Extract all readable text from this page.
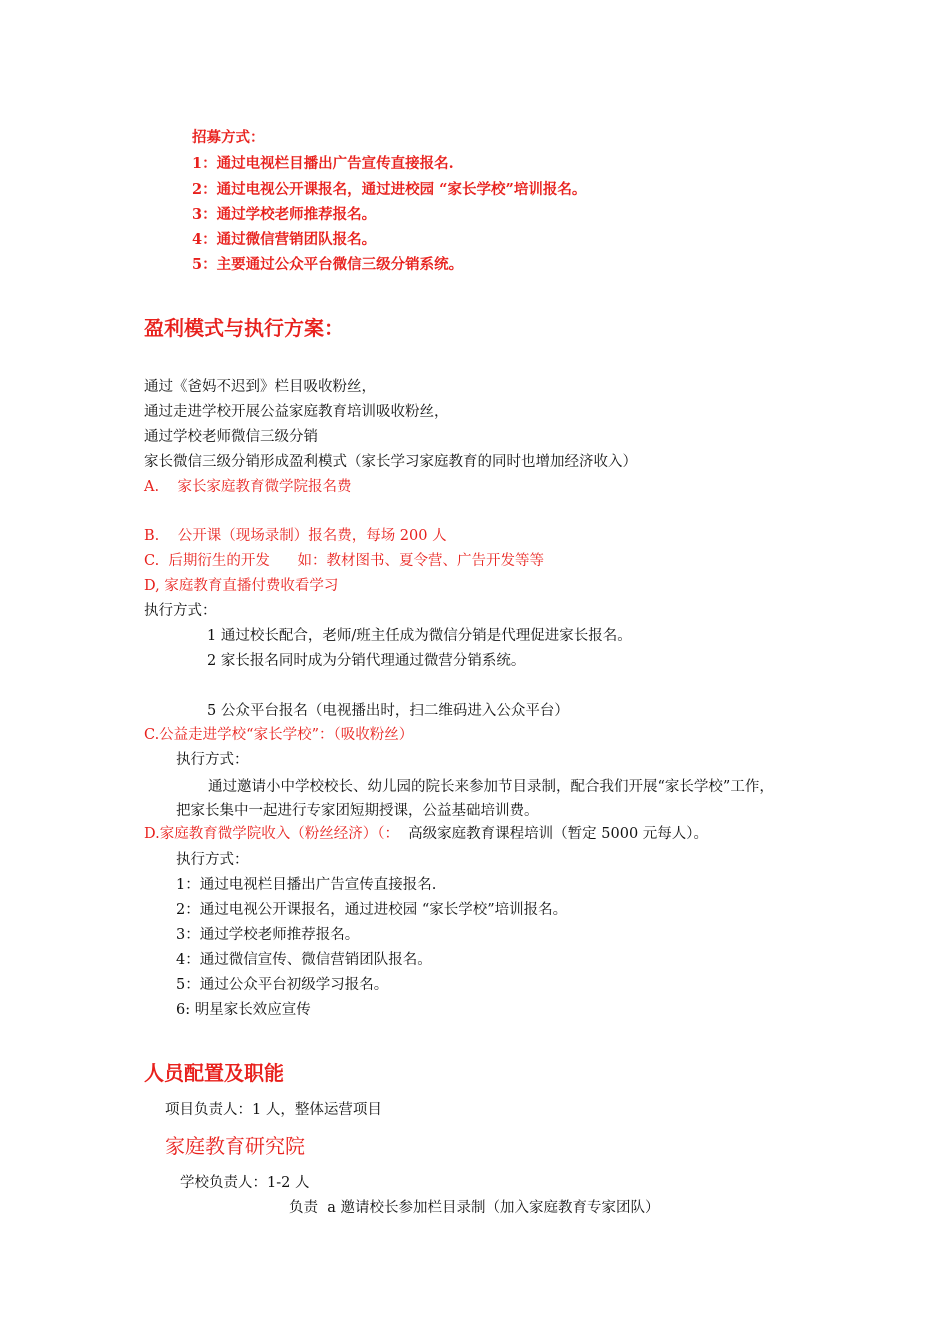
招募方式：
1：通过电视栏目播出广告宣传直接报名.
2：通过电视公开课报名，通过进校园 “家长学校”培训报名。
3：通过学校老师推荐报名。
4：通过微信营销团队报名。
5：主要通过公众平台微信三级分销系统。
盈利模式与执行方案：
通过《爸妈不迟到》栏目吸收粉丝，
通过走进学校开展公益家庭教育培训吸收粉丝，
通过学校老师微信三级分销
家长微信三级分销形成盈利模式（家长学习家庭教育的同时也增加经济收入）
A.    家长家庭教育微学院报名费
B.    公开课（现场录制）报名费，每场 200 人
C.  后期衍生的开发      如：教材图书、夏令营、广告开发等等
D, 家庭教育直播付费收看学习
执行方式：
1 通过校长配合，老师/班主任成为微信分销是代理促进家长报名。
2 家长报名同时成为分销代理通过微营分销系统。
5 公众平台报名（电视播出时，扫二维码进入公众平台）
C.公益走进学校“家长学校”：（吸收粉丝）
执行方式：
通过邀请小中学校校长、幼儿园的院长来参加节目录制，配合我们开展“家长学校”工作，把家长集中一起进行专家团短期授课，公益基础培训费。
D.家庭教育微学院收入（粉丝经济）（：  高级家庭教育课程培训（暂定 5000 元每人）。
执行方式：
1：通过电视栏目播出广告宣传直接报名.
2：通过电视公开课报名，通过进校园 “家长学校”培训报名。
3：通过学校老师推荐报名。
4：通过微信宣传、微信营销团队报名。
5：通过公众平台初级学习报名。
6: 明星家长效应宣传
人员配置及职能
项目负责人：1 人，整体运营项目
家庭教育研究院
学校负责人：1-2 人
负责  a 邀请校长参加栏目录制（加入家庭教育专家团队）
